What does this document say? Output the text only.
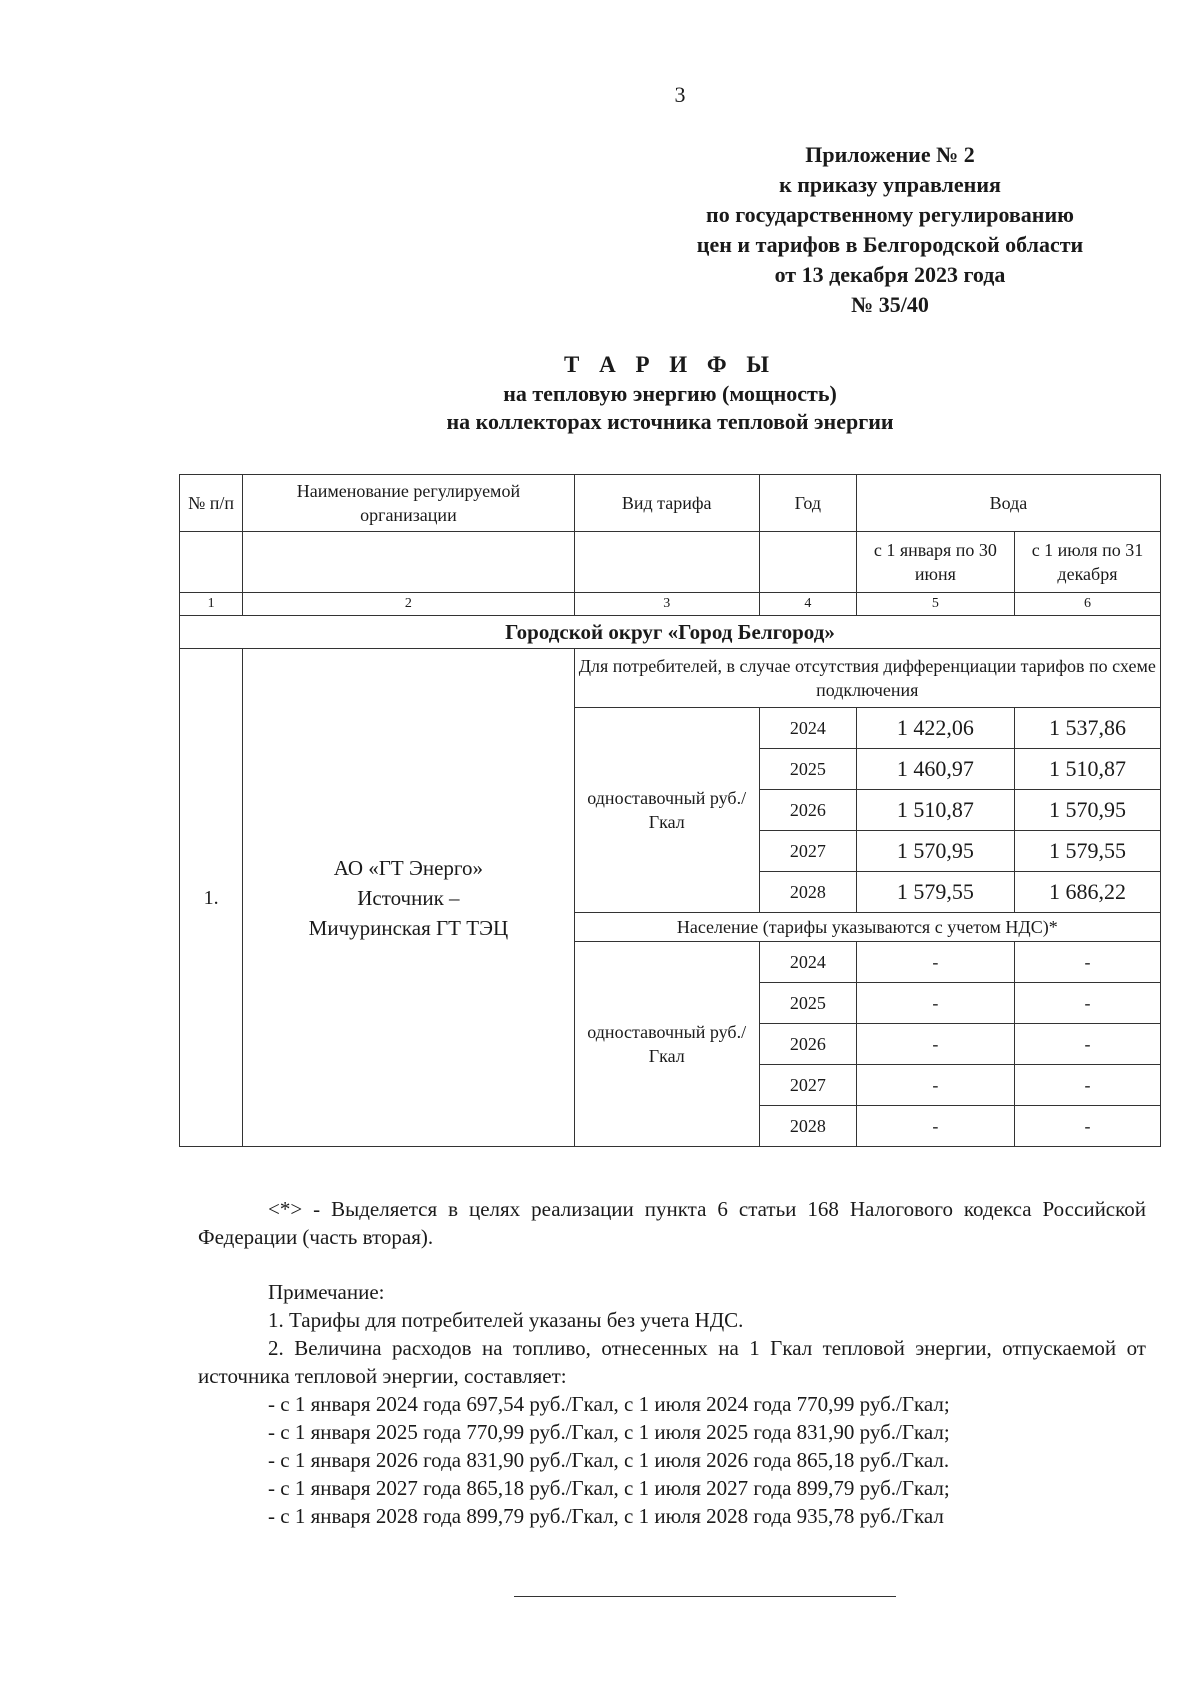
3
Приложение № 2
к приказу управления
по государственному регулированию
цен и тарифов в Белгородской области
от 13 декабря 2023 года
№ 35/40
Т А Р И Ф Ы
на тепловую энергию (мощность)
на коллекторах источника тепловой энергии
№ п/п	Наименование регулируемой организации	Вид тарифа	Год	Вода	
				с 1 января по 30 июня	с 1 июля по 31 декабря
1	2	3	4	5	6
Городской округ «Город Белгород»					
1.	АО «ГТ Энерго»
Источник –
Мичуринская ГТ ТЭЦ	Для потребителей, в случае отсутствия дифференциации тарифов по схеме подключения			
		одноставочный руб./Гкал	2024	1 422,06	1 537,86
			2025	1 460,97	1 510,87
			2026	1 510,87	1 570,95
			2027	1 570,95	1 579,55
			2028	1 579,55	1 686,22
		Население (тарифы указываются с учетом НДС)*			
		одноставочный руб./Гкал	2024	-	-
			2025	-	-
			2026	-	-
			2027	-	-
			2028	-	-

<*> - Выделяется в целях реализации пункта 6 статьи 168 Налогового кодекса Российской Федерации (часть вторая).

Примечание:

1. Тарифы для потребителей указаны без учета НДС.

2. Величина расходов на топливо, отнесенных на 1 Гкал тепловой энергии, отпускаемой от источника тепловой энергии, составляет:

- с 1 января 2024 года 697,54 руб./Гкал, с 1 июля 2024 года 770,99 руб./Гкал;

- с 1 января 2025 года 770,99 руб./Гкал, с 1 июля 2025 года 831,90 руб./Гкал;

- с 1 января 2026 года 831,90 руб./Гкал, с 1 июля 2026 года 865,18 руб./Гкал.

- с 1 января 2027 года 865,18 руб./Гкал, с 1 июля 2027 года 899,79 руб./Гкал;

- с 1 января 2028 года 899,79 руб./Гкал, с 1 июля 2028 года 935,78 руб./Гкал
